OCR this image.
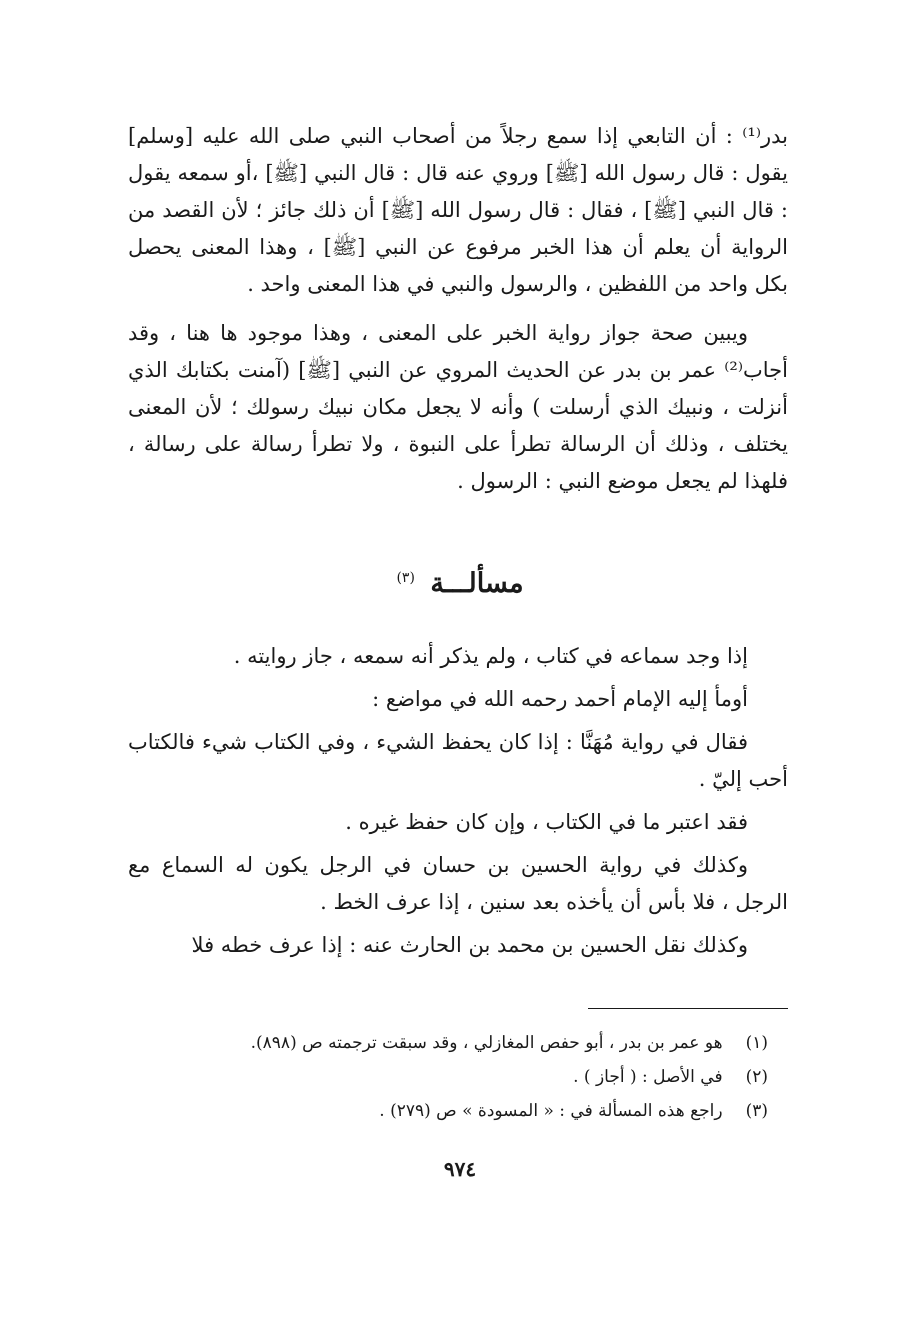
بدر⁽¹⁾ : أن التابعي إذا سمع رجلاً من أصحاب النبي صلى الله عليه [وسلم] يقول : قال رسول الله [ﷺ] وروي عنه قال : قال النبي [ﷺ] ،أو سمعه يقول : قال النبي [ﷺ] ، فقال : قال رسول الله [ﷺ] أن ذلك جائز ؛ لأن القصد من الرواية أن يعلم أن هذا الخبر مرفوع عن النبي [ﷺ] ، وهذا المعنى يحصل بكل واحد من اللفظين ، والرسول والنبي في هذا المعنى واحد .

ويبين صحة جواز رواية الخبر على المعنى ، وهذا موجود ها هنا ، وقد أجاب⁽²⁾ عمر بن بدر عن الحديث المروي عن النبي [ﷺ] (آمنت بكتابك الذي أنزلت ، ونبيك الذي أرسلت ) وأنه لا يجعل مكان نبيك رسولك ؛ لأن المعنى يختلف ، وذلك أن الرسالة تطرأ على النبوة ، ولا تطرأ رسالة على رسالة ، فلهذا لم يجعل موضع النبي : الرسول .

مسألـــة $^{(٣)}$

إذا وجد سماعه في كتاب ، ولم يذكر أنه سمعه ، جاز روايته .

أومأ إليه الإمام أحمد رحمه الله في مواضع :

فقال في رواية مُهَنَّا : إذا كان يحفظ الشيء ، وفي الكتاب شيء فالكتاب أحب إليّ .

فقد اعتبر ما في الكتاب ، وإن كان حفظ غيره .

وكذلك في رواية الحسين بن حسان في الرجل يكون له السماع مع الرجل ، فلا بأس أن يأخذه بعد سنين ، إذا عرف الخط .

وكذلك نقل الحسين بن محمد بن الحارث عنه : إذا عرف خطه فلا

(١) هو عمر بن بدر ، أبو حفص المغازلي ، وقد سبقت ترجمته ص (٨٩٨).

(٢) في الأصل : ( أجاز ) .

(٣) راجع هذه المسألة في : « المسودة » ص (٢٧٩) .

٩٧٤
